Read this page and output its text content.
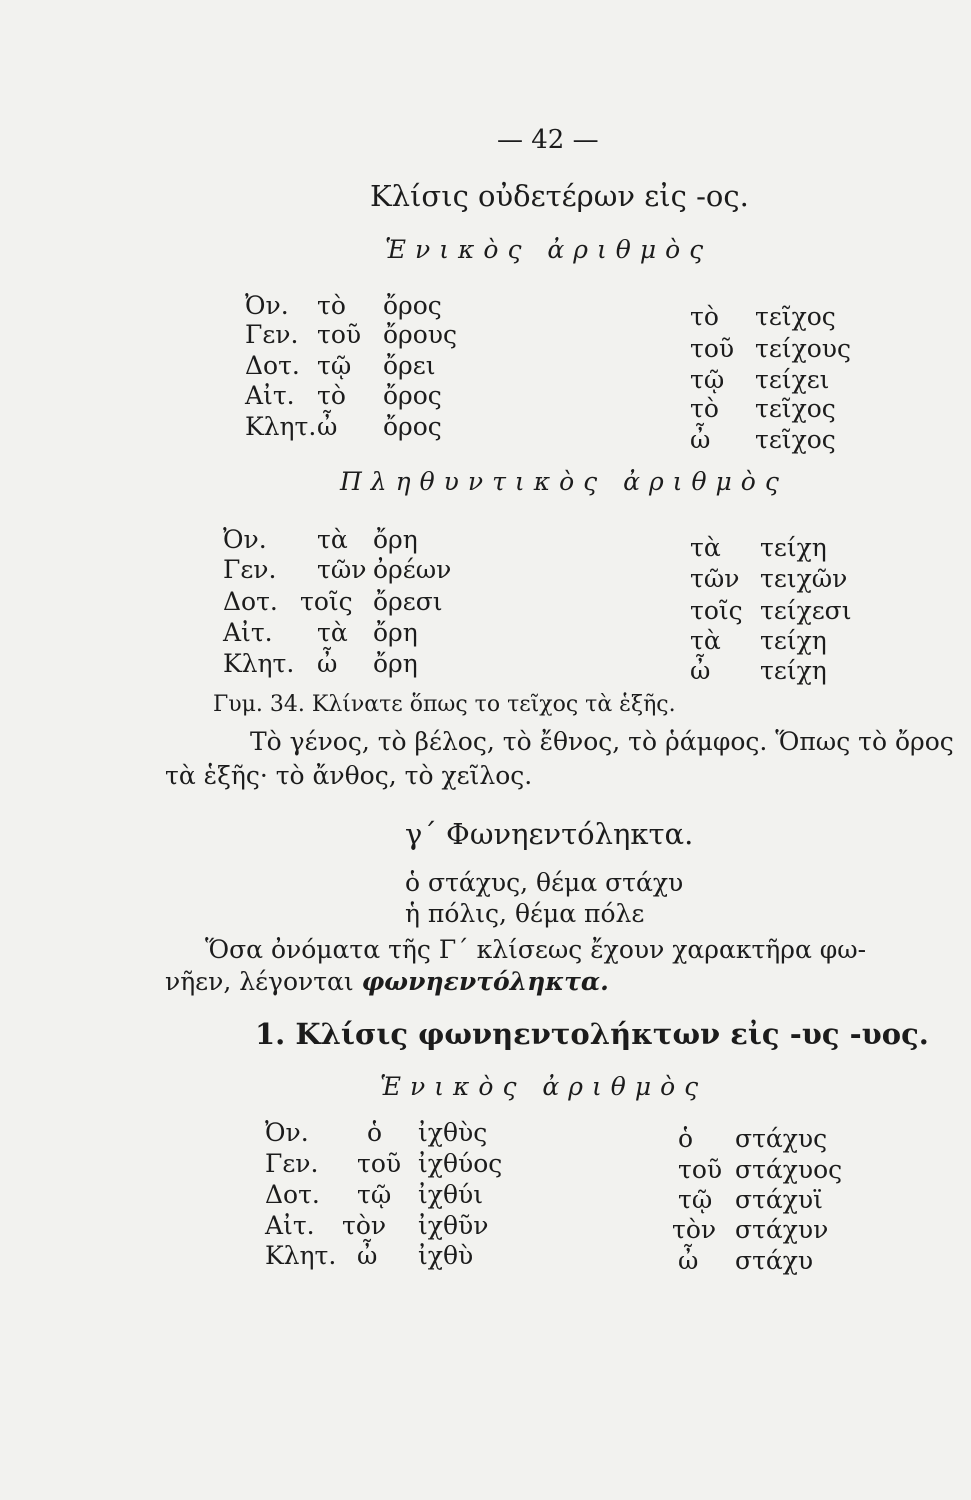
— 42 —
Κλίσις οὐδετέρων εἰς -ος.
Ἑνικὸς ἀριθμὸς
Ὀν. τὸ ὄρος	τὸ τεῖχος
Γεν. τοῦ ὄρους	τοῦ τείχους
Δοτ. τῷ ὄρει	τῷ τείχει
Αἰτ. τὸ ὄρος	τὸ τεῖχος
Κλητ. ὦ ὄρος	ὦ τεῖχος
Πληθυντικὸς ἀριθμὸς
Ὀν. τὰ ὄρη	τὰ τείχη
Γεν. τῶν ὀρέων	τῶν τειχῶν
Δοτ. τοῖς ὄρεσι	τοῖς τείχεσι
Αἰτ. τὰ ὄρη	τὰ τείχη
Κλητ. ὦ ὄρη	ὦ τείχη
Γυμ. 34. Κλίνατε ὅπως το τεῖχος τὰ ἑξῆς.
Τὸ γένος, τὸ βέλος, τὸ ἔθνος, τὸ ῥάμφος. Ὅπως τὸ ὄρος
τὰ ἑξῆς· τὸ ἄνθος, τὸ χεῖλος.
γ΄ Φωνηεντόληκτα.
ὁ στάχυς, θέμα στάχυ
ἡ πόλις, θέμα πόλε
Ὅσα ὀνόματα τῆς Γ΄ κλίσεως ἔχουν χαρακτῆρα φω-
νῆεν, λέγονται φωνηεντόληκτα.
1. Κλίσις φωνηεντολήκτων εἰς -υς -υος.
Ἑνικὸς ἀριθμὸς
Ὀν. ὁ ἰχθὺς	ὁ στάχυς
Γεν. τοῦ ἰχθύος	τοῦ στάχυος
Δοτ. τῷ ἰχθύι	τῷ στάχυϊ
Αἰτ. τὸν ἰχθῦν	τὸν στάχυν
Κλητ. ὦ ἰχθὺ	ὦ στάχυ
